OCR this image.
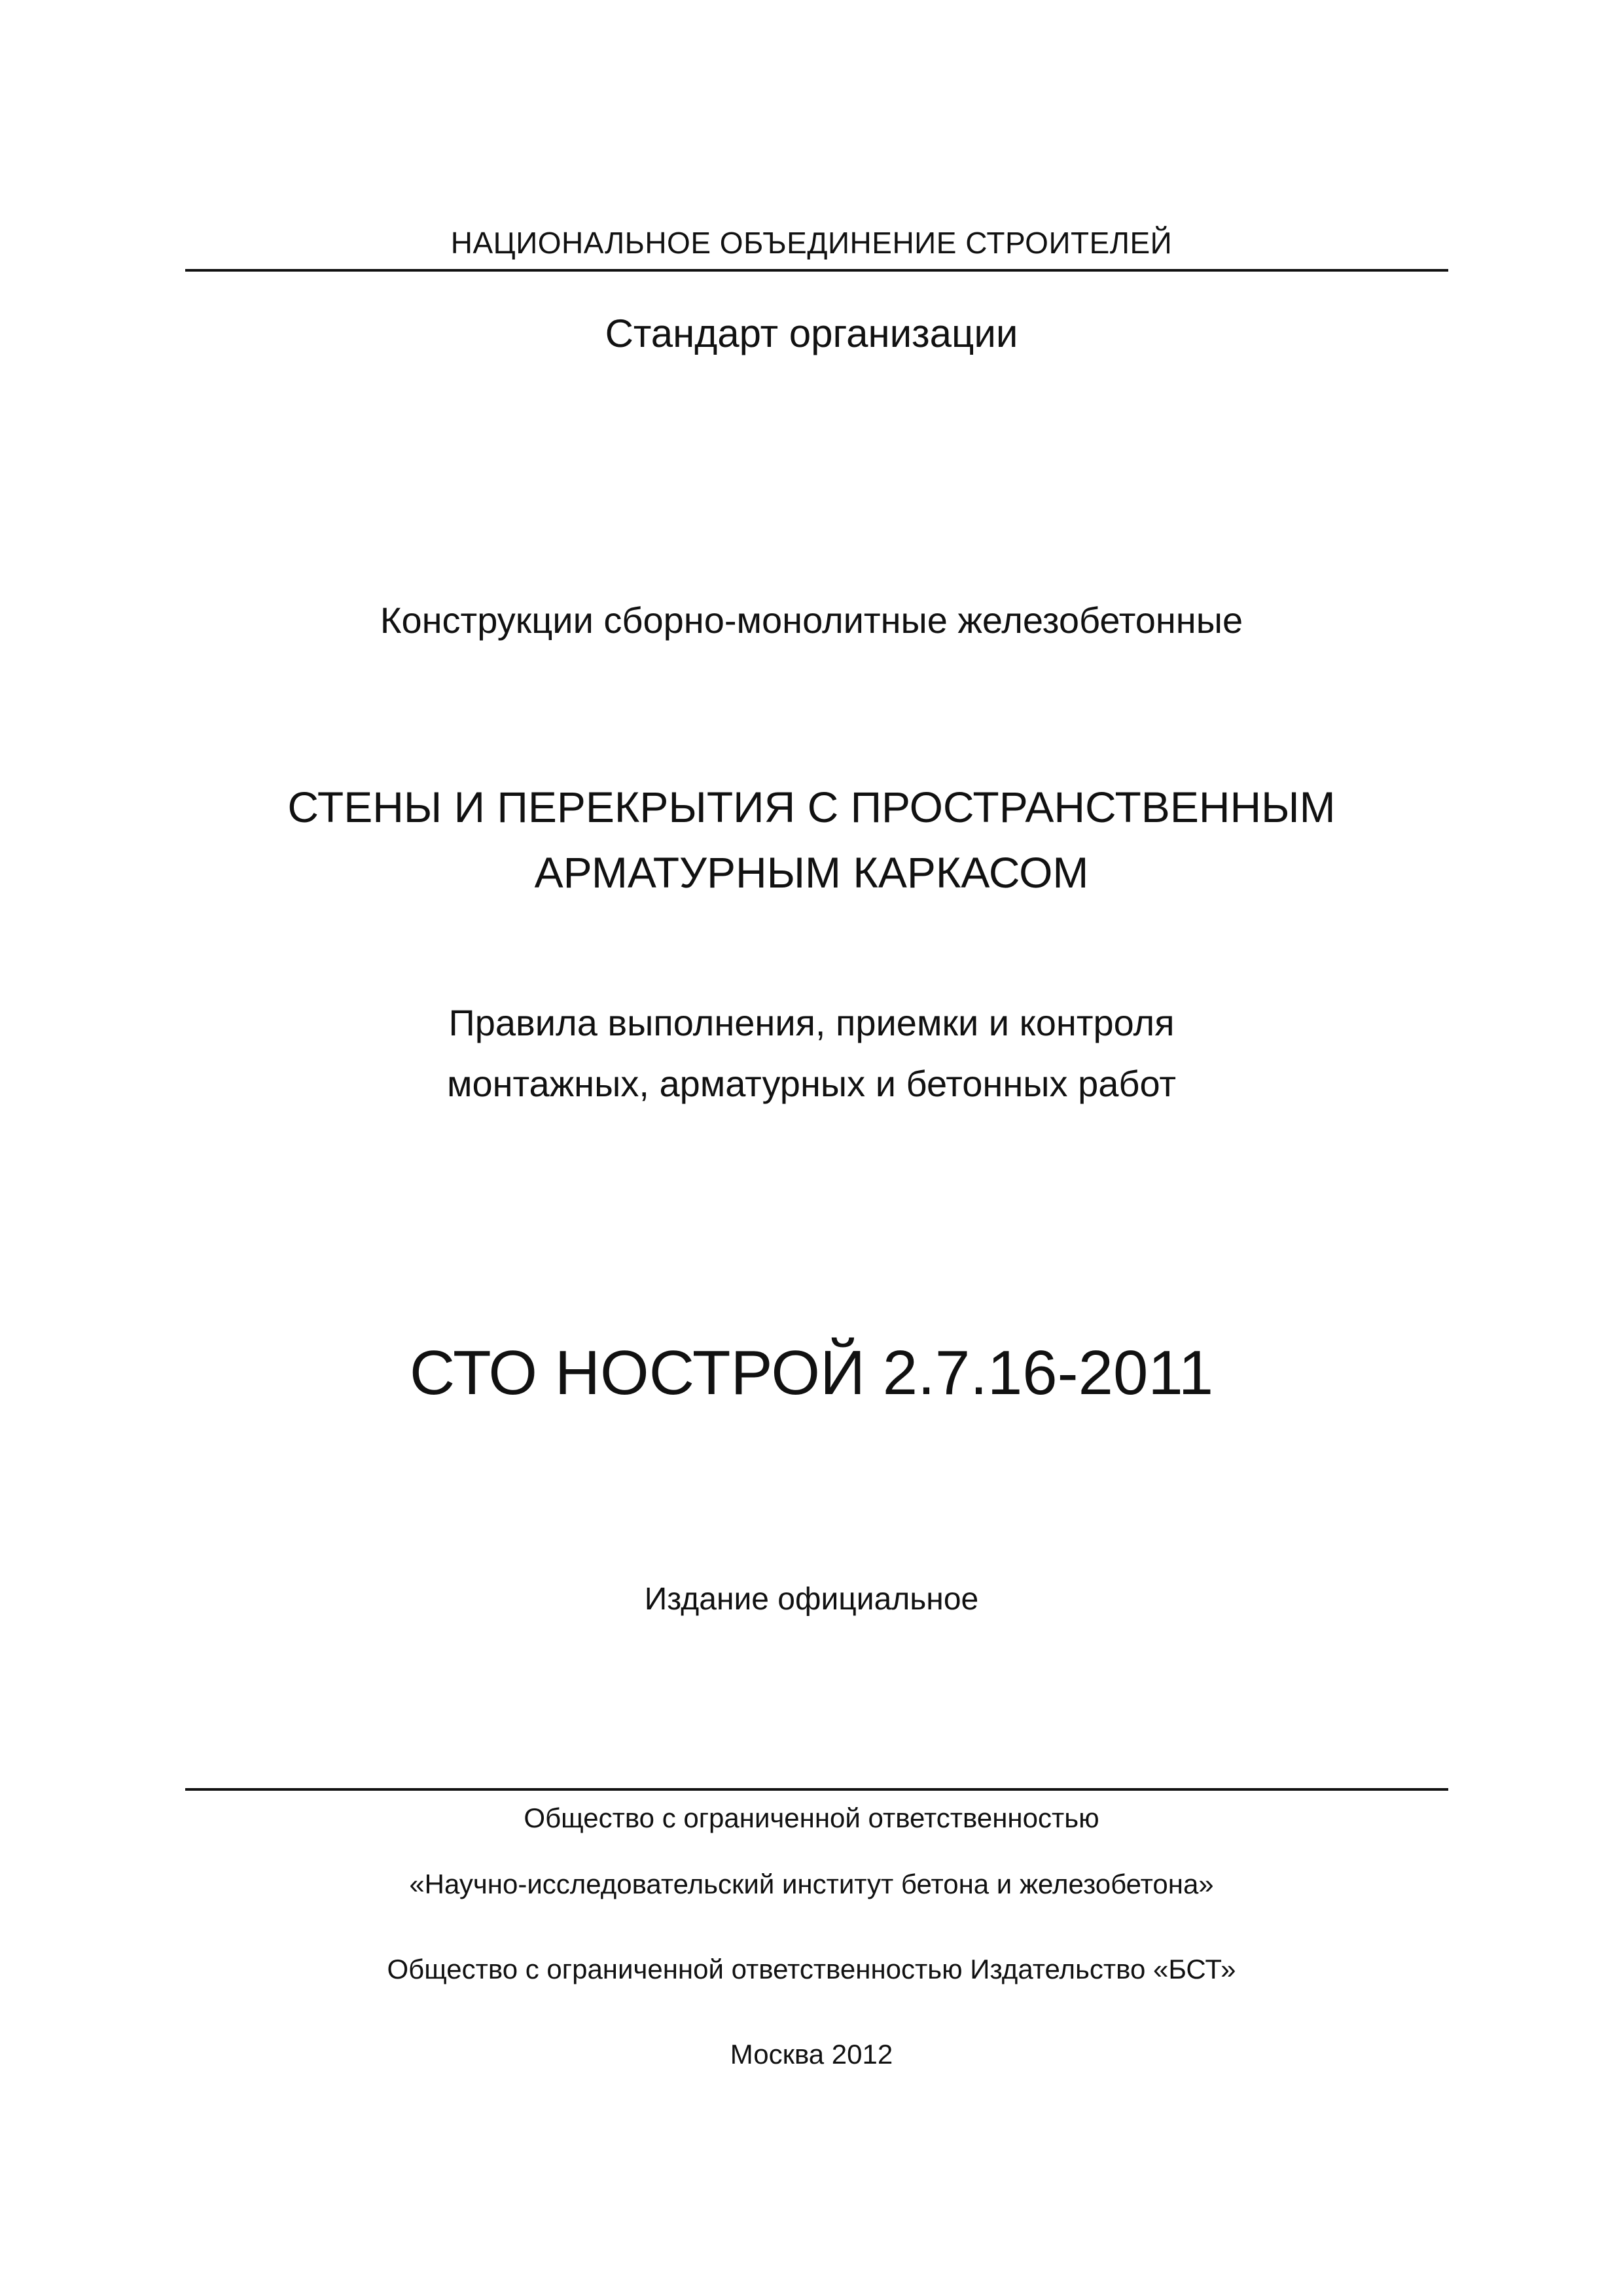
НАЦИОНАЛЬНОЕ ОБЪЕДИНЕНИЕ СТРОИТЕЛЕЙ
Стандарт организации
Конструкции сборно-монолитные железобетонные
СТЕНЫ И ПЕРЕКРЫТИЯ С ПРОСТРАНСТВЕННЫМ
АРМАТУРНЫМ КАРКАСОМ
Правила выполнения, приемки и контроля
монтажных, арматурных и бетонных работ
СТО НОСТРОЙ 2.7.16-2011
Издание официальное
Общество с ограниченной ответственностью
«Научно-исследовательский институт бетона и железобетона»
Общество с ограниченной ответственностью Издательство «БСТ»
Москва 2012
